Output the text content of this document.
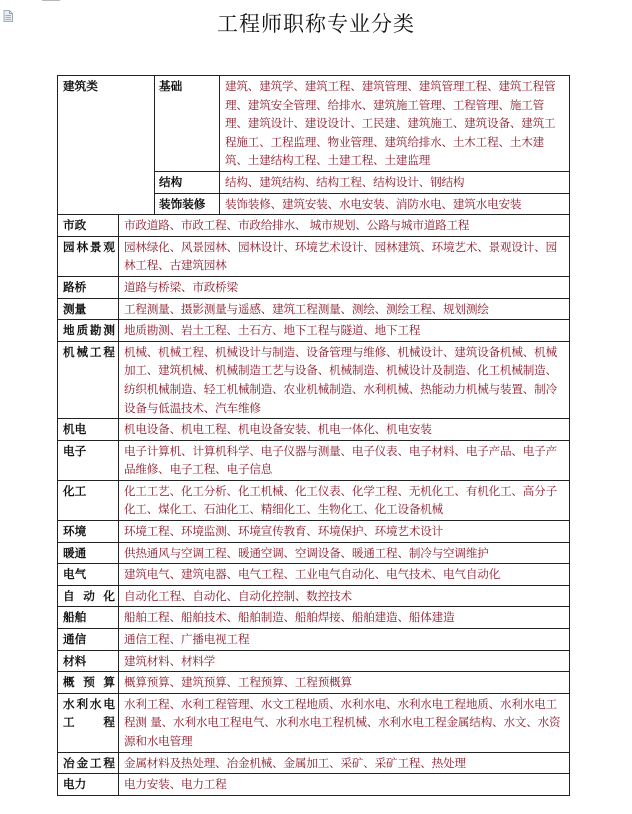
工程师职称专业分类
建筑类		基础	建筑、建筑学、建筑工程、建筑管理、建筑管理工程、建筑工程管理、建筑安全管理、给排水、建筑施工管理、工程管理、施工管理、建筑设计、建设设计、工民建、建筑施工、建筑设备、建筑工程施工、工程监理、物业管理、建筑给排水、土木工程、土木建筑、土建结构工程、土建工程、土建监理
		结构	结构、建筑结构、结构工程、结构设计、钢结构
		装饰装修	装饰装修、建筑安装、水电安装、消防水电、建筑水电安装
市政	市政道路、市政工程、市政给排水、 城市规划、公路与城市道路工程		
园林景观	园林绿化、风景园林、园林设计、环境艺术设计、园林建筑、环境艺术、景观设计、园林工程、古建筑园林		
路桥	道路与桥梁、市政桥梁		
测量	工程测量、摄影测量与遥感、建筑工程测量、测绘、测绘工程、规划测绘		
地质勘测	地质勘测、岩土工程、土石方、地下工程与隧道、地下工程		
机械工程	机械、机械工程、机械设计与制造、设备管理与维修、机械设计、建筑设备机械、机械加工、建筑机械、机械制造工艺与设备、机械制造、机械设计及制造、化工机械制造、纺织机械制造、轻工机械制造、农业机械制造、水利机械、热能动力机械与装置、制冷设备与低温技术、汽车维修		
机电	机电设备、机电工程、机电设备安装、机电一体化、机电安装		
电子	电子计算机、计算机科学、电子仪器与测量、电子仪表、电子材料、电子产品、电子产品维修、电子工程、电子信息		
化工	化工工艺、化工分析、化工机械、化工仪表、化学工程、无机化工、有机化工、高分子化工、煤化工、石油化工、精细化工、生物化工、化工设备机械		
环境	环境工程、环境监测、环境宣传教育、环境保护、环境艺术设计		
暖通	供热通风与空调工程、暖通空调、空调设备、暖通工程、制冷与空调维护		
电气	建筑电气、建筑电器、电气工程、工业电气自动化、电气技术、电气自动化		
自动化	自动化工程、自动化、自动化控制、数控技术		
船舶	船舶工程、船舶技术、船舶制造、船舶焊接、船舶建造、船体建造		
通信	通信工程、广播电视工程		
材料	建筑材料、材料学		
概预算	概算预算、建筑预算、工程预算、工程预概算		
水利水电工程	水利工程、水利工程管理、水文工程地质、水利水电、水利水电工程地质、水利水电工程测 量、水利水电工程电气、水利水电工程机械、水利水电工程金属结构、水文、水资源和水电管理		
冶金工程	金属材料及热处理、冶金机械、金属加工、采矿、采矿工程、热处理		
电力	电力安装、电力工程		
